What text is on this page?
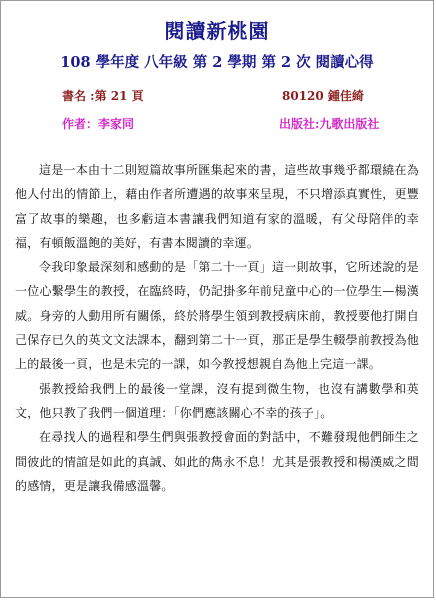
閱讀新桃園
108 學年度 八年級 第 2 學期 第 2 次 閱讀心得
書名 :第 21 頁	80120 鍾佳綺
作者：李家同	出版社:九歌出版社

這是一本由十二則短篇故事所匯集起來的書，這些故事幾乎都環繞在為他人付出的情節上，藉由作者所遭遇的故事來呈現，不只增添真實性，更豐富了故事的樂趣，也多虧這本書讓我們知道有家的溫暖，有父母陪伴的幸福，有頓飯溫飽的美好，有書本閱讀的幸運。

令我印象最深刻和感動的是「第二十一頁」這一則故事，它所述說的是一位心繫學生的教授，在臨終時，仍記掛多年前兒童中心的一位學生—楊漢威。身旁的人動用所有關係，終於將學生領到教授病床前，教授要他打開自己保存已久的英文文法課本，翻到第二十一頁，那正是學生輟學前教授為他上的最後一頁，也是未完的一課，如今教授想親自為他上完這一課。

張教授給我們上的最後一堂課，沒有提到微生物，也沒有講數學和英文，他只教了我們一個道理：「你們應該關心不幸的孩子」。

在尋找人的過程和學生們與張教授會面的對話中，不難發現他們師生之間彼此的情誼是如此的真誠、如此的雋永不息！尤其是張教授和楊漢威之間的感情，更是讓我備感溫馨。
